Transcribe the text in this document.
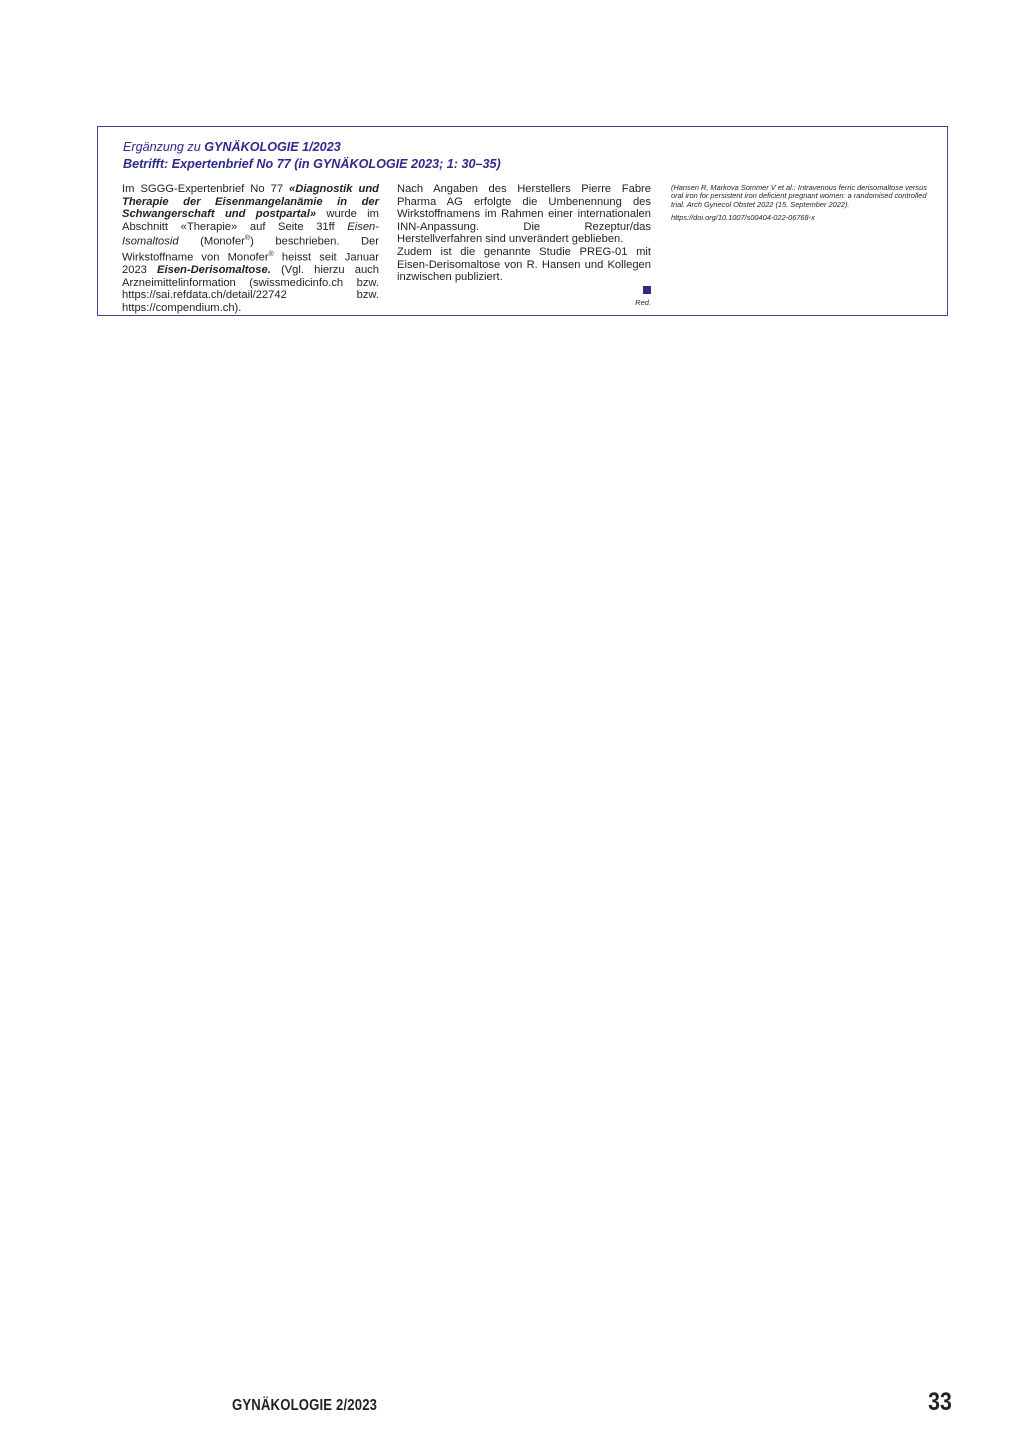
Ergänzung zu GYNÄKOLOGIE 1/2023
Betrifft: Expertenbrief No 77 (in GYNÄKOLOGIE 2023; 1: 30–35)

Im SGGG-Expertenbrief No 77 «Diagnostik und Therapie der Eisenmangelanämie in der Schwangerschaft und postpartal» wurde im Abschnitt «Therapie» auf Seite 31ff Eisen-Isomaltosid (Monofer®) beschrieben. Der Wirkstoffname von Monofer® heisst seit Januar 2023 Eisen-Derisomaltose. (Vgl. hierzu auch Arzneimittelinformation (swissmedicinfo.ch bzw. https://sai.refdata.ch/detail/22742 bzw. https://compendium.ch).

Nach Angaben des Herstellers Pierre Fabre Pharma AG erfolgte die Umbenennung des Wirkstoffnamens im Rahmen einer internationalen INN-Anpassung. Die Rezeptur/das Herstellverfahren sind unverändert geblieben.

Zudem ist die genannte Studie PREG-01 mit Eisen-Derisomaltose von R. Hansen und Kollegen inzwischen publiziert.

Red.
(Hansen R, Markova Sommer V et al.: Intravenous ferric derisomaltose versus oral iron for persistent iron deficient pregnant women: a randomised controlled trial. Arch Gynecol Obstet 2022 (15. September 2022).
https://doi.org/10.1007/s00404-022-06768-x
GYNÄKOLOGIE 2/2023	33
